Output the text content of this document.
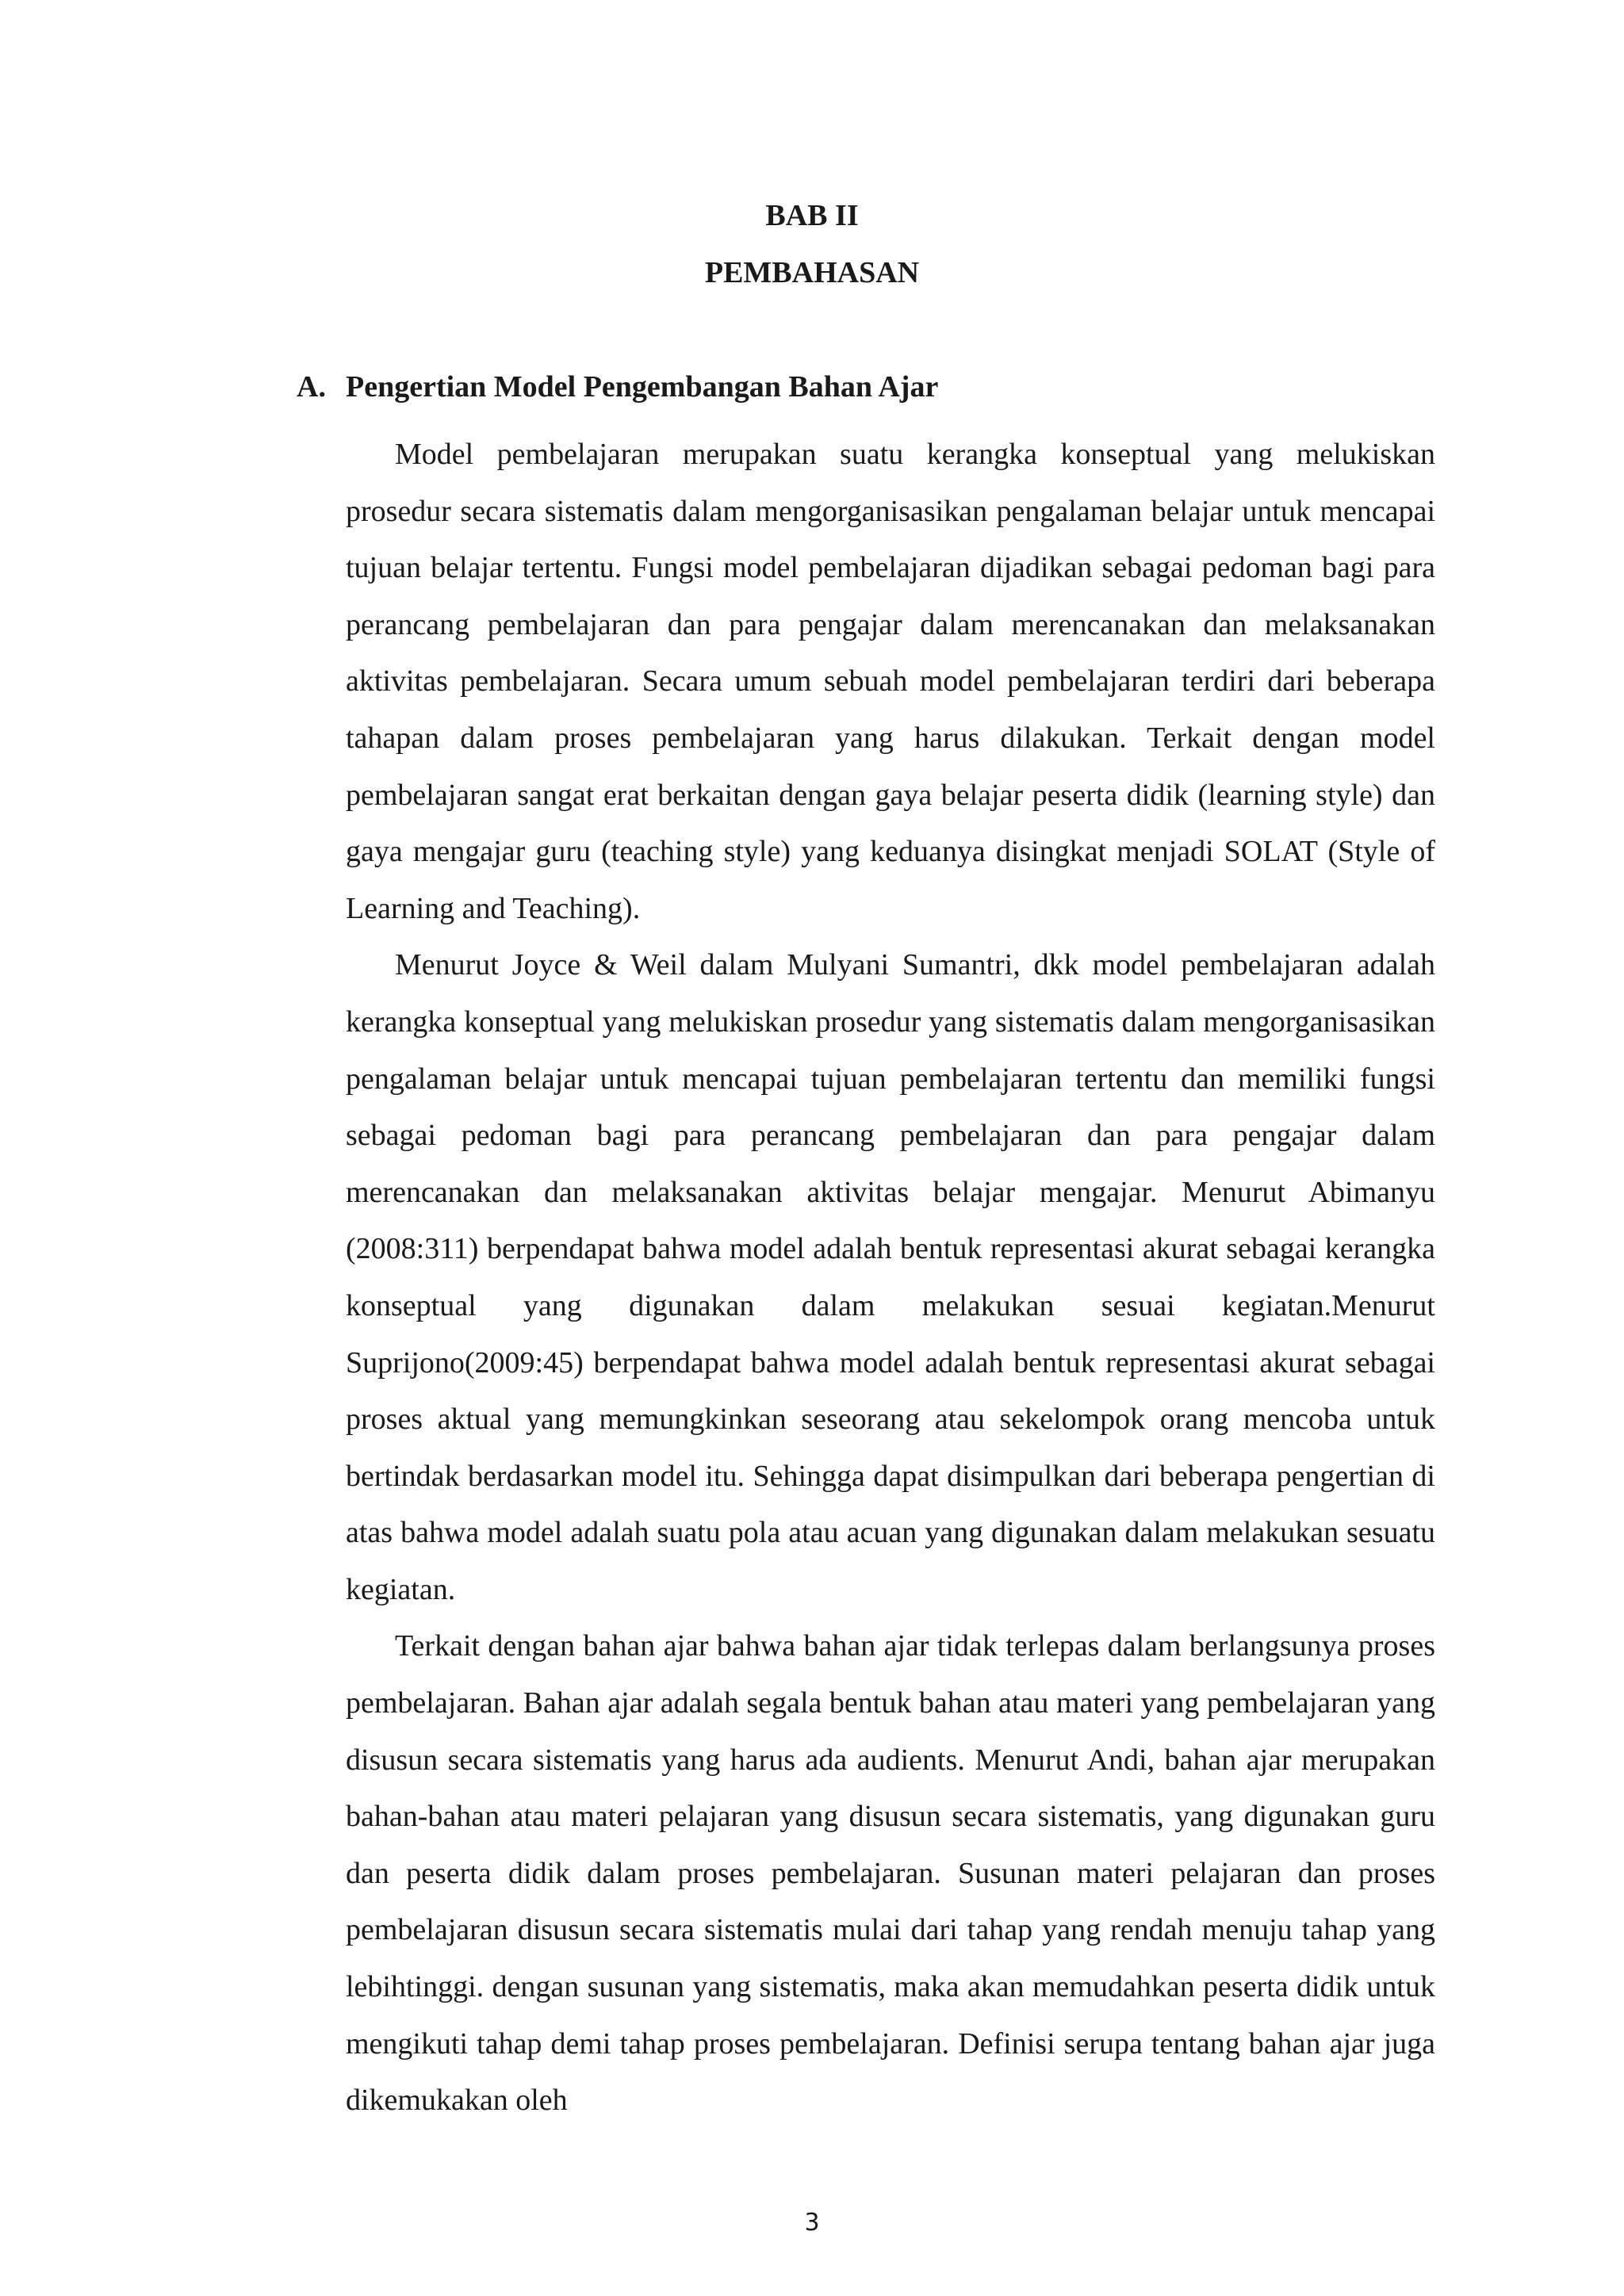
BAB II
PEMBAHASAN
A. Pengertian Model Pengembangan Bahan Ajar

Model pembelajaran merupakan suatu kerangka konseptual yang melukiskan prosedur secara sistematis dalam mengorganisasikan pengalaman belajar untuk mencapai tujuan belajar tertentu. Fungsi model pembelajaran dijadikan sebagai pedoman bagi para perancang pembelajaran dan para pengajar dalam merencanakan dan melaksanakan aktivitas pembelajaran. Secara umum sebuah model pembelajaran terdiri dari beberapa tahapan dalam proses pembelajaran yang harus dilakukan. Terkait dengan model pembelajaran sangat erat berkaitan dengan gaya belajar peserta didik (learning style) dan gaya mengajar guru (teaching style) yang keduanya disingkat menjadi SOLAT (Style of Learning and Teaching).

Menurut Joyce & Weil dalam Mulyani Sumantri, dkk model pembelajaran adalah kerangka konseptual yang melukiskan prosedur yang sistematis dalam mengorganisasikan pengalaman belajar untuk mencapai tujuan pembelajaran tertentu dan memiliki fungsi sebagai pedoman bagi para perancang pembelajaran dan para pengajar dalam merencanakan dan melaksanakan aktivitas belajar mengajar. Menurut Abimanyu (2008:311) berpendapat bahwa model adalah bentuk representasi akurat sebagai kerangka konseptual yang digunakan dalam melakukan sesuai kegiatan.Menurut Suprijono(2009:45) berpendapat bahwa model adalah bentuk representasi akurat sebagai proses aktual yang memungkinkan seseorang atau sekelompok orang mencoba untuk bertindak berdasarkan model itu. Sehingga dapat disimpulkan dari beberapa pengertian di atas bahwa model adalah suatu pola atau acuan yang digunakan dalam melakukan sesuatu kegiatan.

Terkait dengan bahan ajar bahwa bahan ajar tidak terlepas dalam berlangsunya proses pembelajaran. Bahan ajar adalah segala bentuk bahan atau materi yang pembelajaran yang disusun secara sistematis yang harus ada audients. Menurut Andi, bahan ajar merupakan bahan-bahan atau materi pelajaran yang disusun secara sistematis, yang digunakan guru dan peserta didik dalam proses pembelajaran. Susunan materi pelajaran dan proses pembelajaran disusun secara sistematis mulai dari tahap yang rendah menuju tahap yang lebihtinggi. dengan susunan yang sistematis, maka akan memudahkan peserta didik untuk mengikuti tahap demi tahap proses pembelajaran. Definisi serupa tentang bahan ajar juga dikemukakan oleh

3
